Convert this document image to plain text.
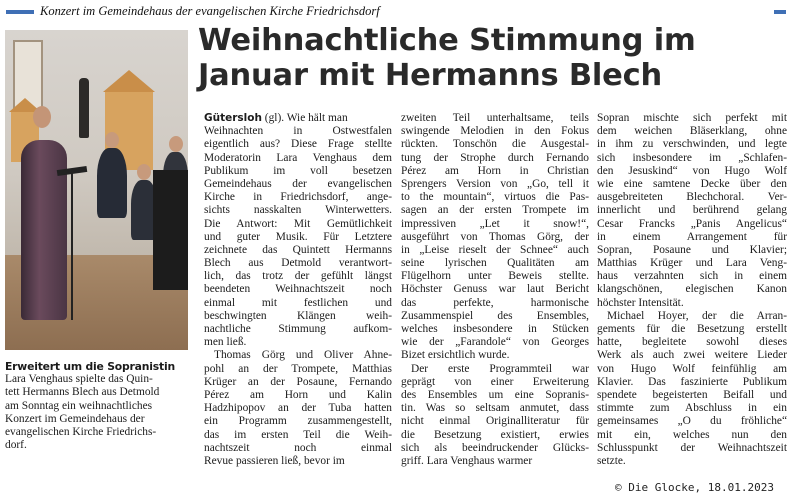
Konzert im Gemeindehaus der evangelischen Kirche Friedrichsdorf
Weihnachtliche Stimmung im
Januar mit Hermanns Blech
Erweitert um die Sopranistin
Lara Venghaus spielte das Quin-
tett Hermanns Blech aus Detmold
am Sonntag ein weihnachtliches
Konzert im Gemeindehaus der
evangelischen Kirche Friedrichs-
dorf.
Gütersloh (gl). Wie hält man
Weihnachten in Ostwestfalen
eigentlich aus? Diese Frage stellte
Moderatorin Lara Venghaus dem
Publikum im voll besetzen
Gemeindehaus der evangelischen
Kirche in Friedrichsdorf, ange-
sichts nasskalten Winterwetters.
Die Antwort: Mit Gemütlichkeit
und guter Musik. Für Letztere
zeichnete das Quintett Hermanns
Blech aus Detmold verantwort-
lich, das trotz der gefühlt längst
beendeten Weihnachtszeit noch
einmal mit festlichen und
beschwingten Klängen weih-
nachtliche Stimmung aufkom-
men ließ.
Thomas Görg und Oliver Ahne-
pohl an der Trompete, Matthias
Krüger an der Posaune, Fernando
Pérez am Horn und Kalin
Hadzhipopov an der Tuba hatten
ein Programm zusammengestellt,
das im ersten Teil die Weih-
nachtszeit noch einmal
Revue passieren ließ, bevor im
zweiten Teil unterhaltsame, teils
swingende Melodien in den Fokus
rückten. Tonschön die Ausgestal-
tung der Strophe durch Fernando
Pérez am Horn in Christian
Sprengers Version von „Go, tell it
to the mountain“, virtuos die Pas-
sagen an der ersten Trompete im
impressiven „Let it snow!“,
ausgeführt von Thomas Görg, der
in „Leise rieselt der Schnee“ auch
seine lyrischen Qualitäten am
Flügelhorn unter Beweis stellte.
Höchster Genuss war laut Bericht
das perfekte, harmonische
Zusammenspiel des Ensembles,
welches insbesondere in Stücken
wie der „Farandole“ von Georges
Bizet ersichtlich wurde.
Der erste Programmteil war
geprägt von einer Erweiterung
des Ensembles um eine Sopranis-
tin. Was so seltsam anmutet, dass
nicht einmal Originalliteratur für
die Besetzung existiert, erwies
sich als beeindruckender Glücks-
griff. Lara Venghaus warmer
Sopran mischte sich perfekt mit
dem weichen Bläserklang, ohne
in ihm zu verschwinden, und legte
sich insbesondere im „Schlafen-
den Jesuskind“ von Hugo Wolf
wie eine samtene Decke über den
ausgebreiteten Blechchoral. Ver-
innerlicht und berührend gelang
Cesar Francks „Panis Angelicus“
in einem Arrangement für
Sopran, Posaune und Klavier;
Matthias Krüger und Lara Veng-
haus verzahnten sich in einem
klangschönen, elegischen Kanon
höchster Intensität.
Michael Hoyer, der die Arran-
gements für die Besetzung erstellt
hatte, begleitete sowohl dieses
Werk als auch zwei weitere Lieder
von Hugo Wolf feinfühlig am
Klavier. Das faszinierte Publikum
spendete begeisterten Beifall und
stimmte zum Abschluss in ein
gemeinsames „O du fröhliche“
mit ein, welches nun den
Schlusspunkt der Weihnachtszeit
setzte.
© Die Glocke, 18.01.2023
